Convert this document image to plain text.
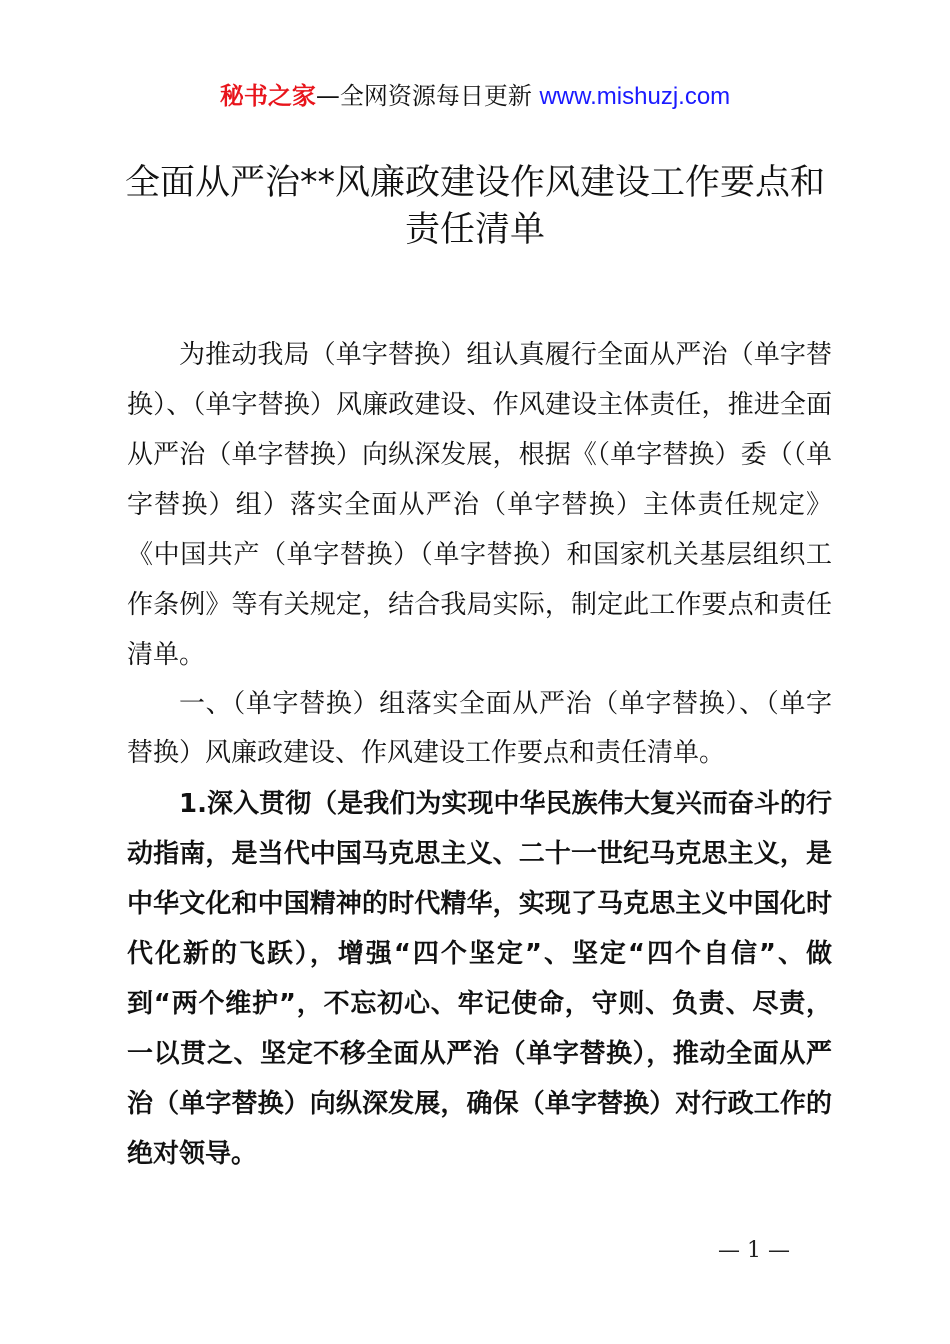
秘书之家—全网资源每日更新 www.mishuzj.com
全面从严治**风廉政建设作风建设工作要点和
责任清单

为推动我局（单字替换）组认真履行全面从严治（单字替换）、（单字替换）风廉政建设、作风建设主体责任，推进全面从严治（单字替换）向纵深发展，根据《（单字替换）委（（单字替换）组）落实全面从严治（单字替换）主体责任规定》《中国共产（单字替换）（单字替换）和国家机关基层组织工作条例》等有关规定，结合我局实际，制定此工作要点和责任清单。

一、（单字替换）组落实全面从严治（单字替换）、（单字替换）风廉政建设、作风建设工作要点和责任清单。

1.深入贯彻（是我们为实现中华民族伟大复兴而奋斗的行动指南，是当代中国马克思主义、二十一世纪马克思主义，是中华文化和中国精神的时代精华，实现了马克思主义中国化时代化新的飞跃），增强“四个坚定”、坚定“四个自信”、做到“两个维护”，不忘初心、牢记使命，守则、负责、尽责，一以贯之、坚定不移全面从严治（单字替换），推动全面从严治（单字替换）向纵深发展，确保（单字替换）对行政工作的绝对领导。

— 1 —
